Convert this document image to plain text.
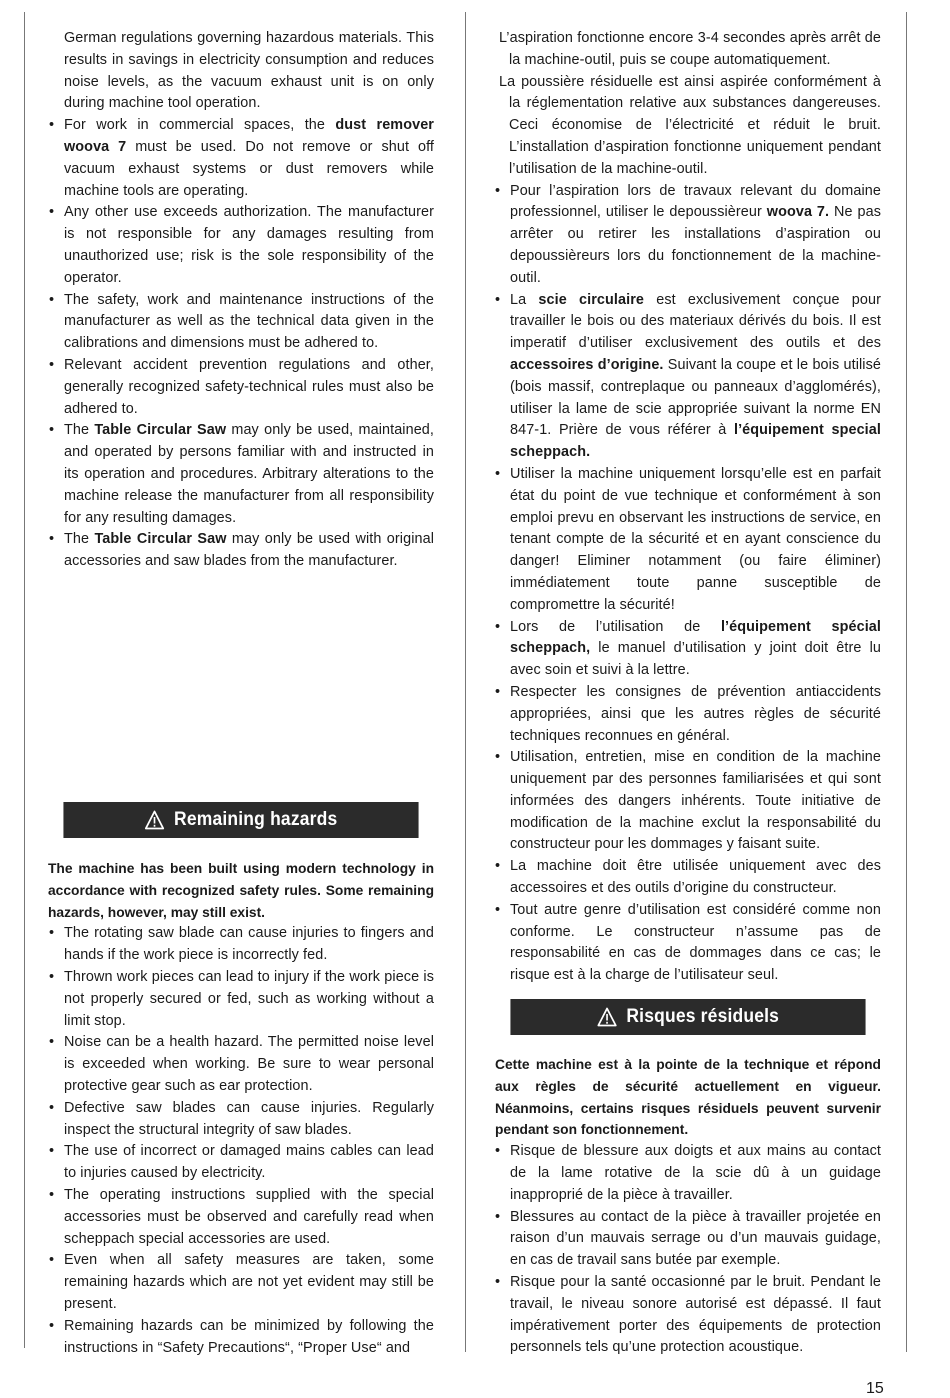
German regulations governing hazardous materials. This results in savings in electricity consumption and reduces noise levels, as the vacuum exhaust unit is on only during machine tool operation.

• For work in commercial spaces, the dust remover woova 7 must be used. Do not remove or shut off vacuum exhaust systems or dust removers while machine tools are operating.
• Any other use exceeds authorization. The manufacturer is not responsible for any damages resulting from unauthorized use; risk is the sole responsibility of the operator.
• The safety, work and maintenance instructions of the manufacturer as well as the technical data given in the calibrations and dimensions must be adhered to.
• Relevant accident prevention regulations and other, generally recognized safety-technical rules must also be adhered to.
• The Table Circular Saw may only be used, maintained, and operated by persons familiar with and instructed in its operation and procedures. Arbitrary alterations to the machine release the manufacturer from all responsibility for any resulting damages.
• The Table Circular Saw may only be used with original accessories and saw blades from the manufacturer.
Remaining hazards

The machine has been built using modern technology in accordance with recognized safety rules. Some remaining hazards, however, may still exist.

• The rotating saw blade can cause injuries to fingers and hands if the work piece is incorrectly fed.
• Thrown work pieces can lead to injury if the work piece is not properly secured or fed, such as working without a limit stop.
• Noise can be a health hazard. The permitted noise level is exceeded when working. Be sure to wear personal protective gear such as ear protection.
• Defective saw blades can cause injuries. Regularly inspect the structural integrity of saw blades.
• The use of incorrect or damaged mains cables can lead to injuries caused by electricity.
• The operating instructions supplied with the special accessories must be observed and carefully read when scheppach special accessories are used.
• Even when all safety measures are taken, some remaining hazards which are not yet evident may still be present.
• Remaining hazards can be minimized by following the instructions in “Safety Precautions“, “Proper Use“ and

L’aspiration fonctionne encore 3-4 secondes après arrêt de la machine-outil, puis se coupe automatiquement.

La poussière résiduelle est ainsi aspirée conformément à la réglementation relative aux substances dangereuses. Ceci économise de l’électricité et réduit le bruit. L’installation d’aspiration fonctionne uniquement pendant l’utilisation de la machine-outil.

• Pour l’aspiration lors de travaux relevant du domaine professionnel, utiliser le depoussièreur woova 7. Ne pas arrêter ou retirer les installations d’aspiration ou depoussièreurs lors du fonctionnement de la machine-outil.
• La scie circulaire est exclusivement conçue pour travailler le bois ou des materiaux dérivés du bois. Il est imperatif d’utiliser exclusivement des outils et des accessoires d’origine. Suivant la coupe et le bois utilisé (bois massif, contreplaque ou panneaux d’agglomérés), utiliser la lame de scie appropriée suivant la norme EN 847-1. Prière de vous référer à l’équipement special scheppach.
• Utiliser la machine uniquement lorsqu’elle est en parfait état du point de vue technique et conformément à son emploi prevu en observant les instructions de service, en tenant compte de la sécurité et en ayant conscience du danger! Eliminer notamment (ou faire éliminer) immédiatement toute panne susceptible de compromettre la sécurité!
• Lors de l’utilisation de l’équipement spécial scheppach, le manuel d’utilisation y joint doit être lu avec soin et suivi à la lettre.
• Respecter les consignes de prévention antiaccidents appropriées, ainsi que les autres règles de sécurité techniques reconnues en général.
• Utilisation, entretien, mise en condition de la machine uniquement par des personnes familiarisées et qui sont informées des dangers inhérents. Toute initiative de modification de la machine exclut la responsabilité du constructeur pour les dommages y faisant suite.
• La machine doit être utilisée uniquement avec des accessoires et des outils d’origine du constructeur.
• Tout autre genre d’utilisation est considéré comme non conforme. Le constructeur n’assume pas de responsabilité en cas de dommages dans ce cas; le risque est à la charge de l’utilisateur seul.
Risques résiduels

Cette machine est à la pointe de la technique et répond aux règles de sécurité actuellement en vigueur. Néanmoins, certains risques résiduels peuvent survenir pendant son fonctionnement.

• Risque de blessure aux doigts et aux mains au contact de la lame rotative de la scie dû à un guidage inapproprié de la pièce à travailler.
• Blessures au contact de la pièce à travailler projetée en raison d’un mauvais serrage ou d’un mauvais guidage, en cas de travail sans butée par exemple.
• Risque pour la santé occasionné par le bruit. Pendant le travail, le niveau sonore autorisé est dépassé. Il faut impérativement porter des équipements de protection personnels tels qu’une protection acoustique.
15
